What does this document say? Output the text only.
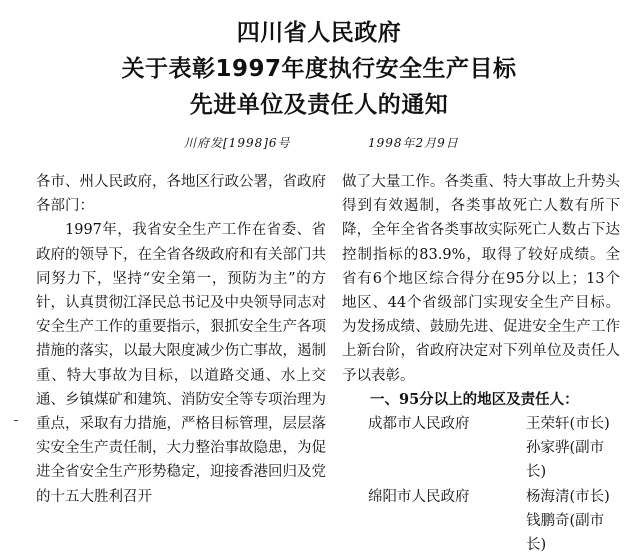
四川省人民政府
关于表彰1997年度执行安全生产目标
先进单位及责任人的通知
川府发[1998]6号	1998年2月9日

各市、州人民政府，各地区行政公署，省政府各部门：

1997年，我省安全生产工作在省委、省政府的领导下，在全省各级政府和有关部门共同努力下，坚持“安全第一，预防为主”的方针，认真贯彻江泽民总书记及中央领导同志对安全生产工作的重要指示，狠抓安全生产各项措施的落实，以最大限度减少伤亡事故，遏制重、特大事故为目标，以道路交通、水上交通、乡镇煤矿和建筑、消防安全等专项治理为重点，采取有力措施，严格目标管理，层层落实安全生产责任制，大力整治事故隐患，为促进全省安全生产形势稳定，迎接香港回归及党的十五大胜利召开

做了大量工作。各类重、特大事故上升势头得到有效遏制，各类事故死亡人数有所下降，全年全省各类事故实际死亡人数占下达控制指标的83.9%，取得了较好成绩。全省有6个地区综合得分在95分以上；13个地区、44个省级部门实现安全生产目标。为发扬成绩、鼓励先进、促进安全生产工作上新台阶，省政府决定对下列单位及责任人予以表彰。

一、95分以上的地区及责任人：

成都市人民政府	王荣轩(市长)
孙家骅(副市长)
绵阳市人民政府	杨海清(市长)
钱鹏奇(副市长)
